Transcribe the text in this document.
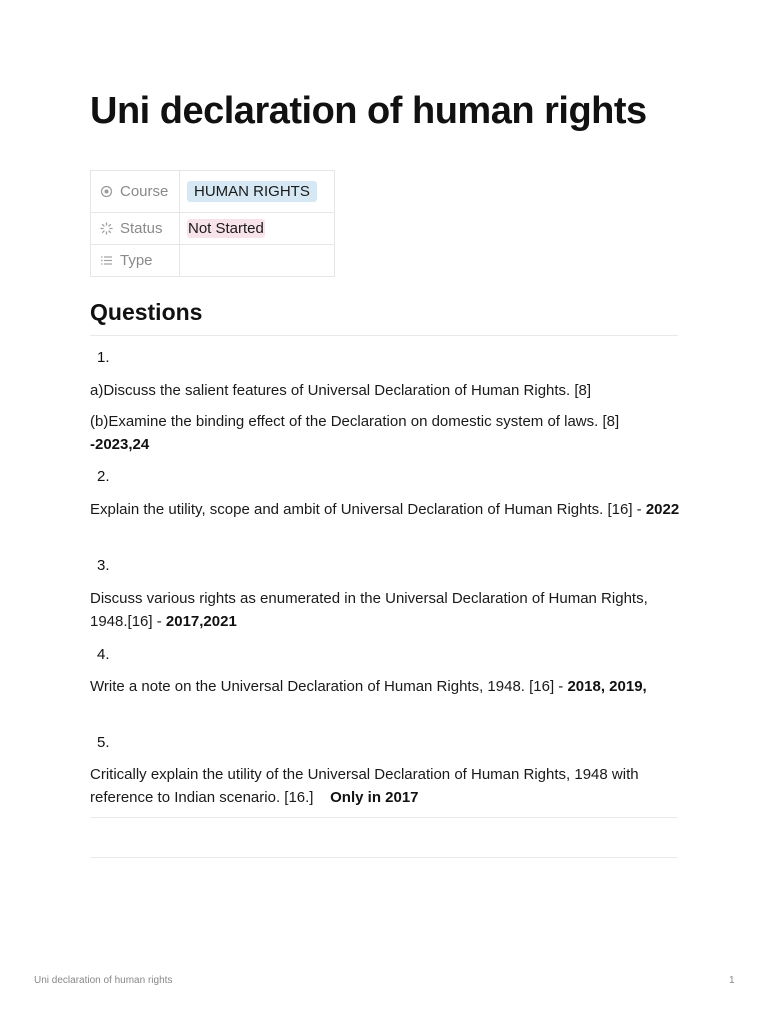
Uni declaration of human rights
Course	HUMAN RIGHTS

Status	Not Started

Type	

Questions
1.

a)Discuss the salient features of Universal Declaration of Human Rights. [8]

(b)Examine the binding effect of the Declaration on domestic system of laws. [8]
-2023,24

2.

Explain the utility, scope and ambit of Universal Declaration of Human Rights. [16] - 2022

3.

Discuss various rights as enumerated in the Universal Declaration of Human Rights, 1948.[16] - 2017,2021

4.

Write a note on the Universal Declaration of Human Rights, 1948. [16] - 2018, 2019,

5.

Critically explain the utility of the Universal Declaration of Human Rights, 1948 with reference to Indian scenario. [16.]    Only in 2017

Uni declaration of human rights	1
